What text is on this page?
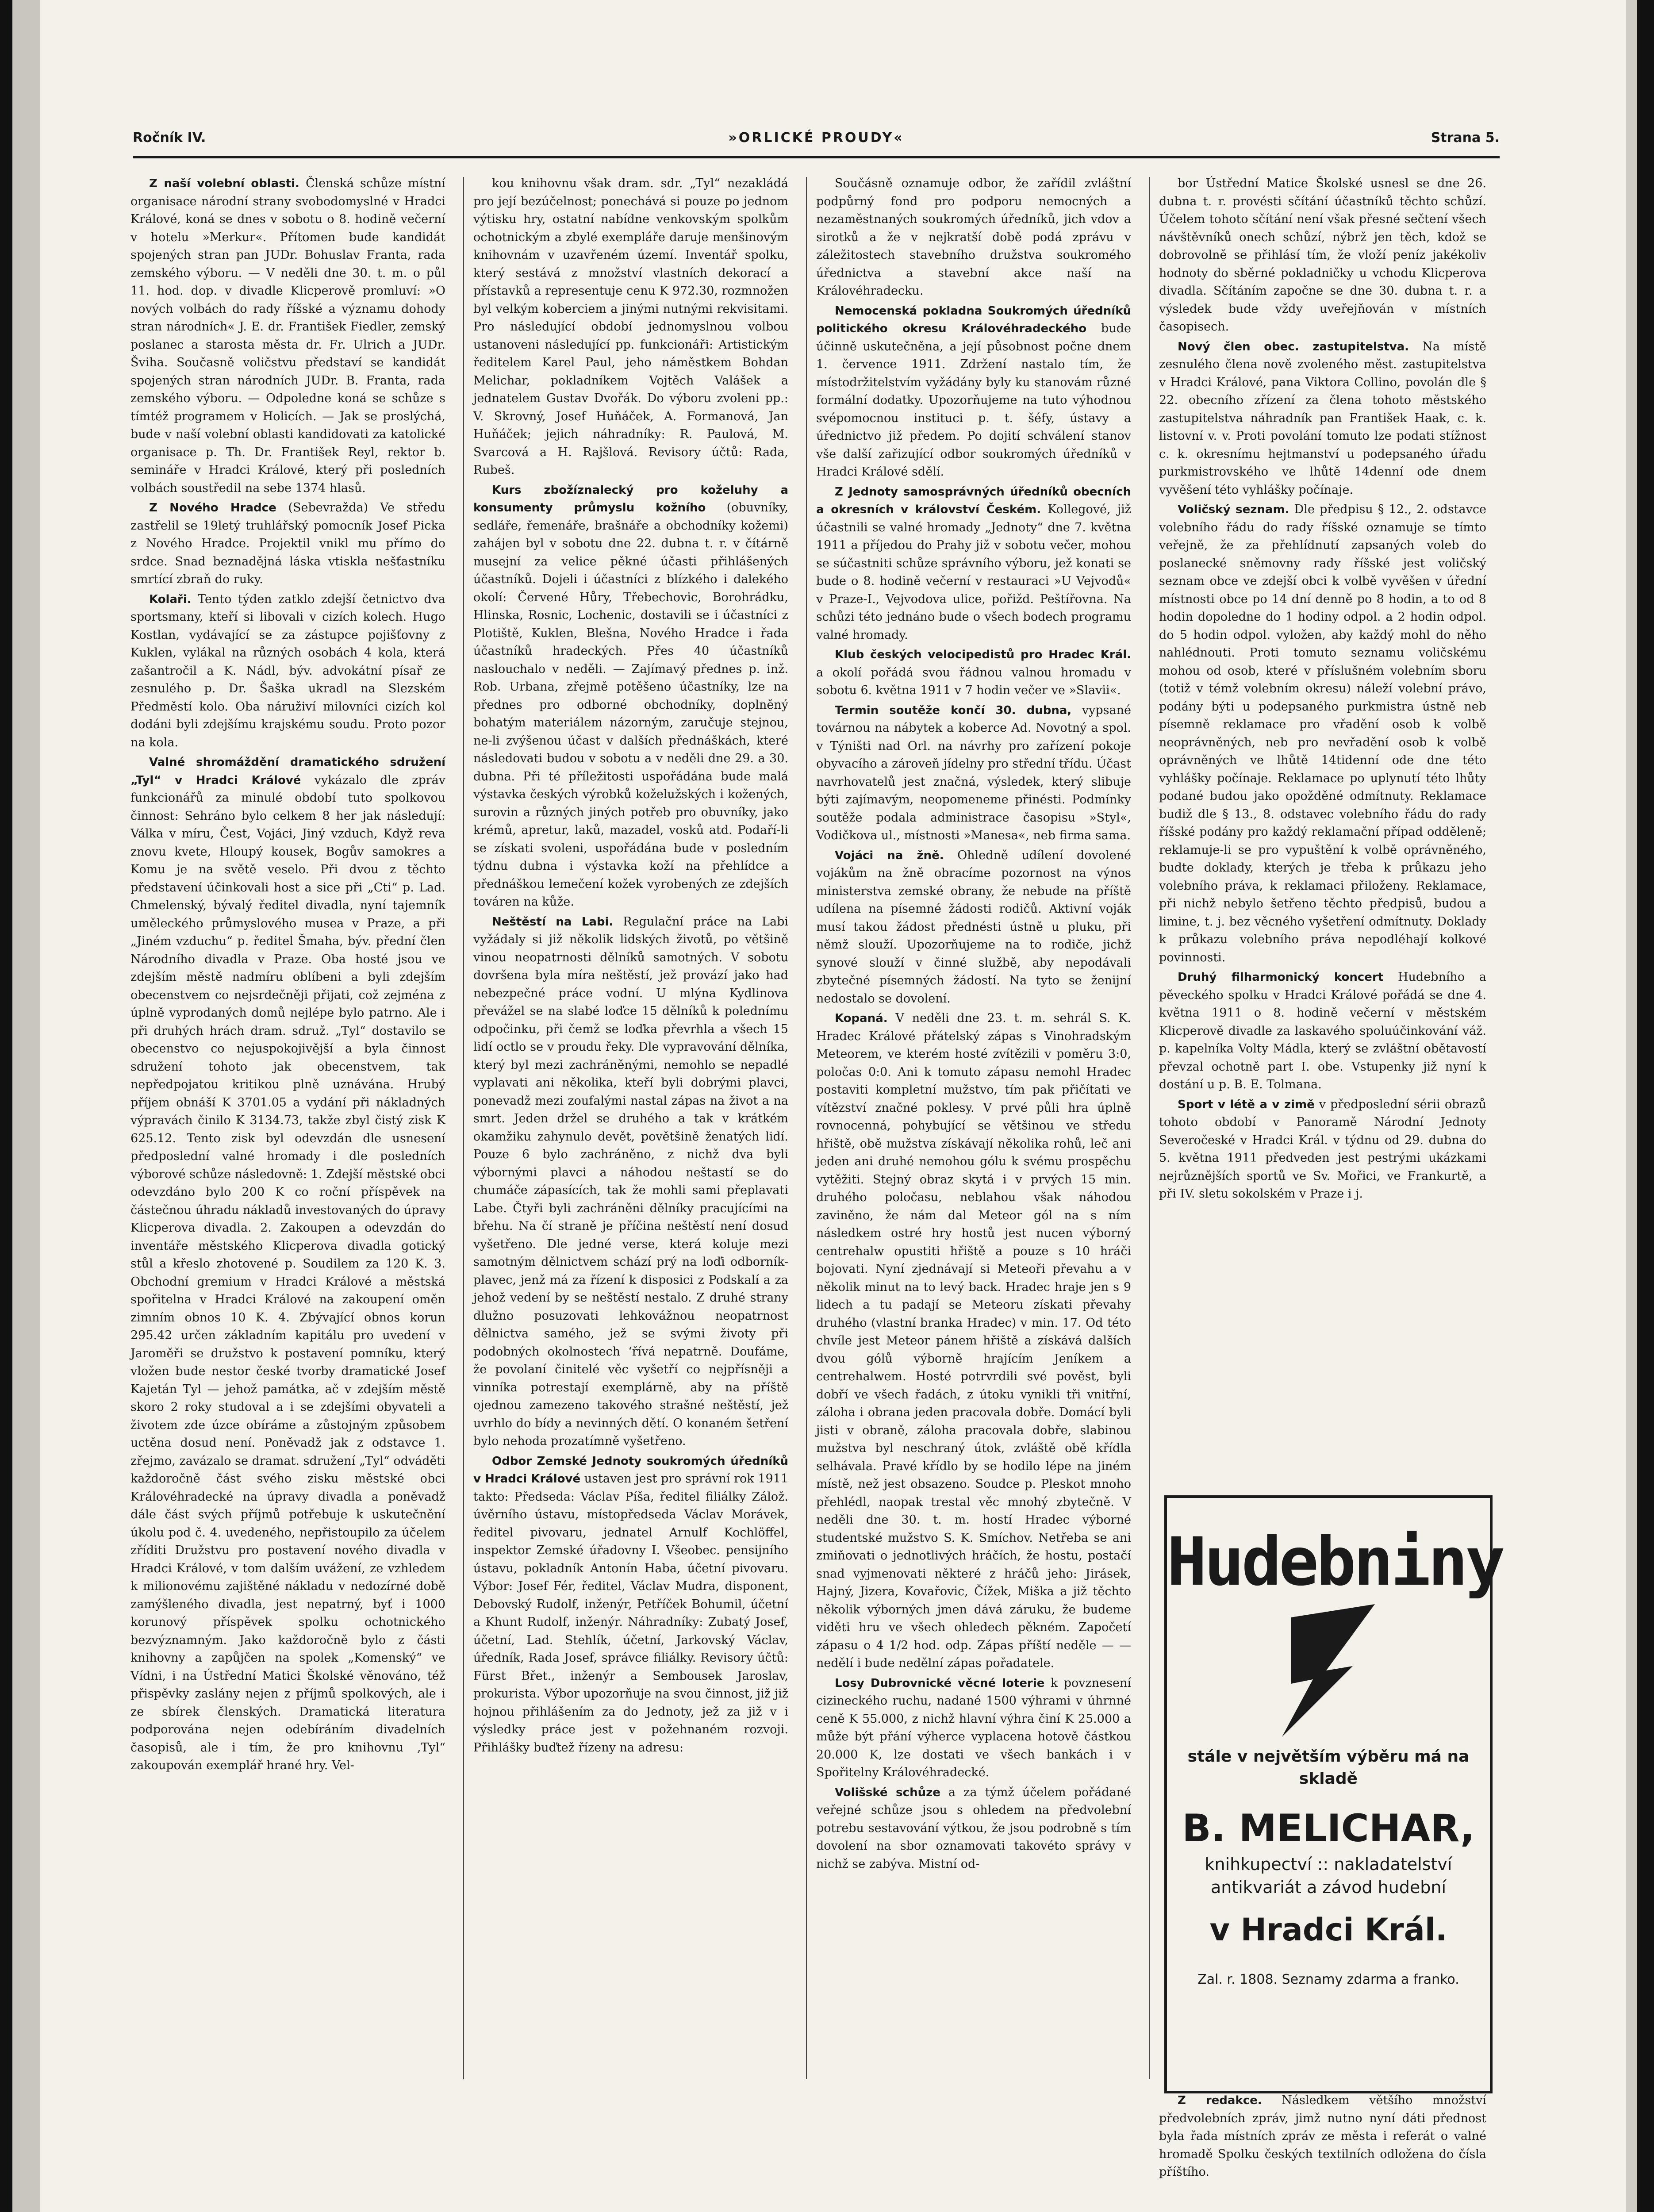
Ročník IV.	»ORLICKÉ PROUDY«	Strana 5.

Z naší volební oblasti. Členská schůze místní organisace národní strany svobodomyslné v Hradci Králové, koná se dnes v sobotu o 8. hodině večerní v hotelu »Merkur«. Přítomen bude kandidát spojených stran pan JUDr. Bohuslav Franta, rada zemského výboru. — V neděli dne 30. t. m. o půl 11. hod. dop. v divadle Klicperově promluví: »O nových volbách do rady říšské a významu dohody stran národních« J. E. dr. František Fiedler, zemský poslanec a starosta města dr. Fr. Ulrich a JUDr. Šviha. Současně voličstvu představí se kandidát spojených stran národních JUDr. B. Franta, rada zemského výboru. — Odpoledne koná se schůze s tímtéž programem v Holicích. — Jak se proslýchá, bude v naší volební oblasti kandidovati za katolické organisace p. Th. Dr. František Reyl, rektor b. semináře v Hradci Králové, který při posledních volbách soustředil na sebe 1374 hlasů.

Z Nového Hradce (Sebevražda) Ve středu zastřelil se 19letý truhlářský pomocník Josef Picka z Nového Hradce. Projektil vnikl mu přímo do srdce. Snad beznadějná láska vtiskla nešťastníku smrtící zbraň do ruky.

Kolaři. Tento týden zatklo zdejší četnictvo dva sportsmany, kteří si libovali v cizích kolech. Hugo Kostlan, vydávající se za zástupce pojišťovny z Kuklen, vylákal na různých osobách 4 kola, která zašantročil a K. Nádl, býv. advokátní písař ze zesnulého p. Dr. Šaška ukradl na Slezském Předměstí kolo. Oba náruživí milovníci cizích kol dodáni byli zdejšímu krajskému soudu. Proto pozor na kola.

Valné shromáždění dramatického sdružení „Tyl“ v Hradci Králové vykázalo dle zpráv funkcionářů za minulé období tuto spolkovou činnost: Sehráno bylo celkem 8 her jak následují: Válka v míru, Čest, Vojáci, Jiný vzduch, Když reva znovu kvete, Hloupý kousek, Bogův samokres a Komu je na světě veselo. Při dvou z těchto představení účinkovali host a sice při „Cti“ p. Lad. Chmelenský, bývalý ředitel divadla, nyní tajemník uměleckého průmyslového musea v Praze, a při „Jiném vzduchu“ p. ředitel Šmaha, býv. přední člen Národního divadla v Praze. Oba hosté jsou ve zdejším městě nadmíru oblíbeni a byli zdejším obecenstvem co nejsrdečněji přijati, což zejména z úplně vyprodaných domů nejlépe bylo patrno. Ale i při druhých hrách dram. sdruž. „Tyl“ dostavilo se obecenstvo co nejuspokojivější a byla činnost sdružení tohoto jak obecenstvem, tak nepředpojatou kritikou plně uznávána. Hrubý příjem obnáší K 3701.05 a vydání při nákladných výpravách činilo K 3134.73, takže zbyl čistý zisk K 625.12. Tento zisk byl odevzdán dle usnesení předposlední valné hromady i dle posledních výborové schůze následovně: 1. Zdejší městské obci odevzdáno bylo 200 K co roční příspěvek na částečnou úhradu nákladů investovaných do úpravy Klicperova divadla. 2. Zakoupen a odevzdán do inventáře městského Klicperova divadla gotický stůl a křeslo zhotovené p. Soudilem za 120 K. 3. Obchodní gremium v Hradci Králové a městská spořitelna v Hradci Králové na zakoupení oměn zimním obnos 10 K. 4. Zbývající obnos korun 295.42 určen základním kapitálu pro uvedení v Jaroměři se družstvo k postavení pomníku, který vložen bude nestor české tvorby dramatické Josef Kajetán Tyl — jehož památka, ač v zdejším městě skoro 2 roky studoval a i se zdejšími obyvateli a životem zde úzce obíráme a zůstojným způsobem uctěna dosud není. Poněvadž jak z odstavce 1. zřejmo, zavázalo se dramat. sdružení „Tyl“ odváděti každoročně část svého zisku městské obci Královéhradecké na úpravy divadla a poněvadž dále část svých příjmů potřebuje k uskutečnění úkolu pod č. 4. uvedeného, nepřistoupilo za účelem zříditi Družstvu pro postavení nového divadla v Hradci Králové, v tom dalším uvážení, ze vzhledem k milionovému zajištěné nákladu v nedozírné době zamýšleného divadla, jest nepatrný, byť i 1000 korunový příspěvek spolku ochotnického bezvýznamným. Jako každoročně bylo z části knihovny a zapůjčen na spolek „Komenský“ ve Vídni, i na Ústřední Matici Školské věnováno, též přispěvky zaslány nejen z příjmů spolkových, ale i ze sbírek členských. Dramatická literatura podporována nejen odebíráním divadelních časopisů, ale i tím, že pro knihovnu ‚Tyl“ zakoupován exemplář hrané hry. Vel-

kou knihovnu však dram. sdr. „Tyl“ nezakládá pro její bezúčelnost; ponechává si pouze po jednom výtisku hry, ostatní nabídne venkovským spolkům ochotnickým a zbylé exempláře daruje menšinovým knihovnám v uzavřeném území. Inventář spolku, který sestává z množství vlastních dekorací a přístavků a representuje cenu K 972.30, rozmnožen byl velkým koberciem a jinými nutnými rekvisitami. Pro následující období jednomyslnou volbou ustanoveni následující pp. funkcionáři: Artistickým ředitelem Karel Paul, jeho náměstkem Bohdan Melichar, pokladníkem Vojtěch Valášek a jednatelem Gustav Dvořák. Do výboru zvoleni pp.: V. Skrovný, Josef Huňáček, A. Formanová, Jan Huňáček; jejich náhradníky: R. Paulová, M. Svarcová a H. Rajšlová. Revisory účtů: Rada, Rubeš.

Kurs zbožíznalecký pro koželuhy a konsumenty průmyslu kožního (obuvníky, sedláře, řemenáře, brašnáře a obchodníky kožemi) zahájen byl v sobotu dne 22. dubna t. r. v čítárně musejní za velice pěkné účasti přihlášených účastníků. Dojeli i účastníci z blízkého i dalekého okolí: Červené Hůry, Třebechovic, Borohrádku, Hlinska, Rosnic, Lochenic, dostavili se i účastníci z Plotiště, Kuklen, Blešna, Nového Hradce i řada účastníků hradeckých. Přes 40 účastníků naslouchalo v neděli. — Zajímavý přednes p. inž. Rob. Urbana, zřejmě potěšeno účastníky, lze na přednes pro odborné obchodníky, doplněný bohatým materiálem názorným, zaručuje stejnou, ne-li zvýšenou účast v dalších přednáškách, které následovati budou v sobotu a v neděli dne 29. a 30. dubna. Při té příležitosti uspořádána bude malá výstavka českých výrobků koželužských i kožených, surovin a různých jiných potřeb pro obuvníky, jako krémů, apretur, laků, mazadel, vosků atd. Podaří-li se získati svoleni, uspořádána bude v posledním týdnu dubna i výstavka koží na přehlídce a přednáškou lemečení kožek vyrobených ze zdejších továren na kůže.

Neštěstí na Labi. Regulační práce na Labi vyžádaly si již několik lidských životů, po většině vinou neopatrnosti dělníků samotných. V sobotu dovršena byla míra neštěstí, jež provází jako had nebezpečné práce vodní. U mlýna Kydlinova převážel se na slabé loďce 15 dělníků k polednímu odpočinku, při čemž se loďka převrhla a všech 15 lidí octlo se v proudu řeky. Dle vypravování dělníka, který byl mezi zachráněnými, nemohlo se nepadlé vyplavati ani několika, kteří byli dobrými plavci, ponevadž mezi zoufalými nastal zápas na život a na smrt. Jeden držel se druhého a tak v krátkém okamžiku zahynulo devět, povětšině ženatých lidí. Pouze 6 bylo zachráněno, z nichž dva byli výbornými plavci a náhodou neštastí se do chumáče zápasících, tak že mohli sami přeplavati Labe. Čtyři byli zachráněni dělníky pracujícími na břehu. Na čí straně je příčina neštěstí není dosud vyšetřeno. Dle jedné verse, která koluje mezi samotným dělnictvem schází prý na loďi odborník-plavec, jenž má za řízení k disposici z Podskalí a za jehož vedení by se neštěstí nestalo. Z druhé strany dlužno posuzovati lehkovážnou neopatrnost dělnictva samého, jež se svými životy při podobných okolnostech ‘řívá nepatrně. Doufáme, že povolaní činitelé věc vyšetří co nejpřísněji a vinníka potrestají exemplárně, aby na příště ojednou zamezeno takového strašné neštěstí, jež uvrhlo do bídy a nevinných dětí. O konaném šetření bylo nehoda prozatímně vyšetřeno.

Odbor Zemské Jednoty soukromých úředníků v Hradci Králové ustaven jest pro správní rok 1911 takto: Předseda: Václav Píša, ředitel filiálky Zálož. úvěrního ústavu, místopředseda Václav Morávek, ředitel pivovaru, jednatel Arnulf Kochlöffel, inspektor Zemské úřadovny I. Všeobec. pensijního ústavu, pokladník Antonín Haba, účetní pivovaru. Výbor: Josef Fér, ředitel, Václav Mudra, disponent, Debovský Rudolf, inženýr, Petříček Bohumil, účetní a Khunt Rudolf, inženýr. Náhradníky: Zubatý Josef, účetní, Lad. Stehlík, účetní, Jarkovský Václav, úředník, Rada Josef, správce filiálky. Revisory účtů: Fürst Břet., inženýr a Sembousek Jaroslav, prokurista. Výbor upozorňuje na svou činnost, již již hojnou přihlášením za do Jednoty, jež za již v i výsledky práce jest v požehnaném rozvoji. Přihlášky buďtež řízeny na adresu:

Součásně oznamuje odbor, že zařídil zvláštní podpůrný fond pro podporu nemocných a nezaměstnaných soukromých úředníků, jich vdov a sirotků a že v nejkratší době podá zprávu v záležitostech stavebního družstva soukromého úřednictva a stavební akce naší na Královéhradecku.

Nemocenská pokladna Soukromých úředníků politického okresu Královéhradeckého bude účinně uskutečněna, a její působnost počne dnem 1. července 1911. Zdržení nastalo tím, že místodržitelstvím vyžádány byly ku stanovám různé formální dodatky. Upozorňujeme na tuto výhodnou svépomocnou instituci p. t. šéfy, ústavy a úřednictvo již předem. Po dojití schválení stanov vše další zařizující odbor soukromých úředníků v Hradci Králové sdělí.

Z Jednoty samosprávných úředníků obecních a okresních v království Českém. Kollegové, již účastnili se valné hromady „Jednoty“ dne 7. května 1911 a příjedou do Prahy již v sobotu večer, mohou se súčastniti schůze správního výboru, jež konati se bude o 8. hodině večerní v restauraci »U Vejvodů« v Praze-I., Vejvodova ulice, pořižd. Peštířovna. Na schůzi této jednáno bude o všech bodech programu valné hromady.

Klub českých velocipedistů pro Hradec Král. a okolí pořádá svou řádnou valnou hromadu v sobotu 6. května 1911 v 7 hodin večer ve »Slavii«.

Termin soutěže končí 30. dubna, vypsané továrnou na nábytek a koberce Ad. Novotný a spol. v Týništi nad Orl. na návrhy pro zařízení pokoje obyvacího a zároveň jídelny pro střední třídu. Účast navrhovatelů jest značná, výsledek, který slibuje býti zajímavým, neopomeneme přinésti. Podmínky soutěže podala administrace časopisu »Styl«, Vodičkova ul., místnosti »Manesa«, neb firma sama.

Vojáci na žně. Ohledně udílení dovolené vojákům na žně obracíme pozornost na výnos ministerstva zemské obrany, že nebude na příště udílena na písemné žádosti rodičů. Aktivní voják musí takou žádost přednésti ústně u pluku, při němž slouží. Upozorňujeme na to rodiče, jichž synové slouží v činné službě, aby nepodávali zbytečné písemných žádostí. Na tyto se ženijní nedostalo se dovolení.

Kopaná. V neděli dne 23. t. m. sehrál S. K. Hradec Králové přátelský zápas s Vinohradským Meteorem, ve kterém hosté zvítězili v poměru 3:0, poločas 0:0. Ani k tomuto zápasu nemohl Hradec postaviti kompletní mužstvo, tím pak přičítati ve vítězství značné poklesy. V prvé půli hra úplně rovnocenná, pohybující se většinou ve středu hřiště, obě mužstva získávají několika rohů, leč ani jeden ani druhé nemohou gólu k svému prospěchu vytěžiti. Stejný obraz skytá i v prvých 15 min. druhého poločasu, neblahou však náhodou zaviněno, že nám dal Meteor gól na s ním následkem ostré hry hostů jest nucen výborný centrehalw opustiti hřiště a pouze s 10 hráči bojovati. Nyní zjednávají si Meteoři převahu a v několik minut na to levý back. Hradec hraje jen s 9 lidech a tu padají se Meteoru získati převahy druhého (vlastní branka Hradec) v min. 17. Od této chvíle jest Meteor pánem hřiště a získává dalších dvou gólů výborně hrajícím Jeníkem a centrehalwem. Hosté potrvrdili své pověst, byli dobří ve všech řadách, z útoku vynikli tři vnitřní, záloha i obrana jeden pracovala dobře. Domácí byli jisti v obraně, záloha pracovala dobře, slabinou mužstva byl neschraný útok, zvláště obě křídla selhávala. Pravé křídlo by se hodilo lépe na jiném místě, než jest obsazeno. Soudce p. Pleskot mnoho přehlédl, naopak trestal věc mnohý zbytečně. V neděli dne 30. t. m. hostí Hradec výborné studentské mužstvo S. K. Smíchov. Netřeba se ani zmiňovati o jednotlivých hráčích, že hostu, postačí snad vyjmenovati některé z hráčů jeho: Jirásek, Hajný, Jizera, Kovařovic, Čížek, Miška a již těchto několik výborných jmen dává záruku, že budeme viděti hru ve všech ohledech pěkném. Započetí zápasu o 4 1/2 hod. odp. Zápas příští neděle — — nedělí i bude nedělní zápas pořadatele.

Losy Dubrovnické věcné loterie k povznesení cizineckého ruchu, nadané 1500 výhrami v úhrnné ceně K 55.000, z nichž hlavní výhra činí K 25.000 a může být přání výherce vyplacena hotově částkou 20.000 K, lze dostati ve všech bankách i v Spořitelny Královéhradecké.

Volišské schůze a za týmž účelem pořádané veřejné schůze jsou s ohledem na předvolební potrebu sestavování výtkou, že jsou podrobně s tím dovolení na sbor oznamovati takovéto správy v nichž se zabýva. Mistní od-

bor Ústřední Matice Školské usnesl se dne 26. dubna t. r. provésti sčítání účastníků těchto schůzí. Účelem tohoto sčítání není však přesné sečtení všech návštěvníků onech schůzí, nýbrž jen těch, kdož se dobrovolně se přihlásí tím, že vloží peníz jakékoliv hodnoty do sběrné pokladničky u vchodu Klicperova divadla. Sčítáním započne se dne 30. dubna t. r. a výsledek bude vždy uveřejňován v místních časopisech.

Nový člen obec. zastupitelstva. Na místě zesnulého člena nově zvoleného měst. zastupitelstva v Hradci Králové, pana Viktora Collino, povolán dle § 22. obecního zřízení za člena tohoto městského zastupitelstva náhradník pan František Haak, c. k. listovní v. v. Proti povolání tomuto lze podati stížnost c. k. okresnímu hejtmanství u podepsaného úřadu purkmistrovského ve lhůtě 14denní ode dnem vyvěšení této vyhlášky počínaje.

Voličský seznam. Dle předpisu § 12., 2. odstavce volebního řádu do rady říšské oznamuje se tímto veřejně, že za přehlídnutí zapsaných voleb do poslanecké sněmovny rady říšské jest voličský seznam obce ve zdejší obci k volbě vyvěšen v úřední místnosti obce po 14 dní denně po 8 hodin, a to od 8 hodin dopoledne do 1 hodiny odpol. a 2 hodin odpol. do 5 hodin odpol. vyložen, aby každý mohl do něho nahlédnouti. Proti tomuto seznamu voličskému mohou od osob, které v příslušném volebním sboru (totiž v témž volebním okresu) náleží volební právo, podány býti u podepsaného purkmistra ústně neb písemně reklamace pro vřadění osob k volbě neoprávněných, neb pro nevřadění osob k volbě oprávněných ve lhůtě 14tidenní ode dne této vyhlášky počínaje. Reklamace po uplynutí této lhůty podané budou jako opožděné odmítnuty. Reklamace budiž dle § 13., 8. odstavec volebního řádu do rady říšské podány pro každý reklamační případ odděleně; reklamuje-li se pro vypuštění k volbě oprávněného, budte doklady, kterých je třeba k průkazu jeho volebního práva, k reklamaci přiloženy. Reklamace, při nichž nebylo šetřeno těchto předpisů, budou a limine, t. j. bez věcného vyšetření odmítnuty. Doklady k průkazu volebního práva nepodléhají kolkové povinnosti.

Druhý filharmonický koncert Hudebního a pěveckého spolku v Hradci Králové pořádá se dne 4. května 1911 o 8. hodině večerní v městském Klicperově divadle za laskavého spoluúčinkování váž. p. kapelníka Volty Mádla, který se zvláštní obětavostí převzal ochotně part I. obe. Vstupenky již nyní k dostání u p. B. E. Tolmana.

Sport v létě a v zimě v předposlední sérii obrazů tohoto období v Panoramě Národní Jednoty Severočeské v Hradci Král. v týdnu od 29. dubna do 5. května 1911 předveden jest pestrými ukázkami nejrůznějších sportů ve Sv. Mořici, ve Frankurtě, a při IV. sletu sokolském v Praze i j.

Hudebniny
stále v největším výběru má na skladě
B. MELICHAR,
knihkupectví :: nakladatelství antikvariát a závod hudební
v Hradci Král.
Zal. r. 1808. Seznamy zdarma a franko.

Z redakce. Následkem většího množství předvolebních zpráv, jimž nutno nyní dáti přednost byla řada místních zpráv ze města i referát o valné hromadě Spolku českých textilních odložena do čísla příštího.
